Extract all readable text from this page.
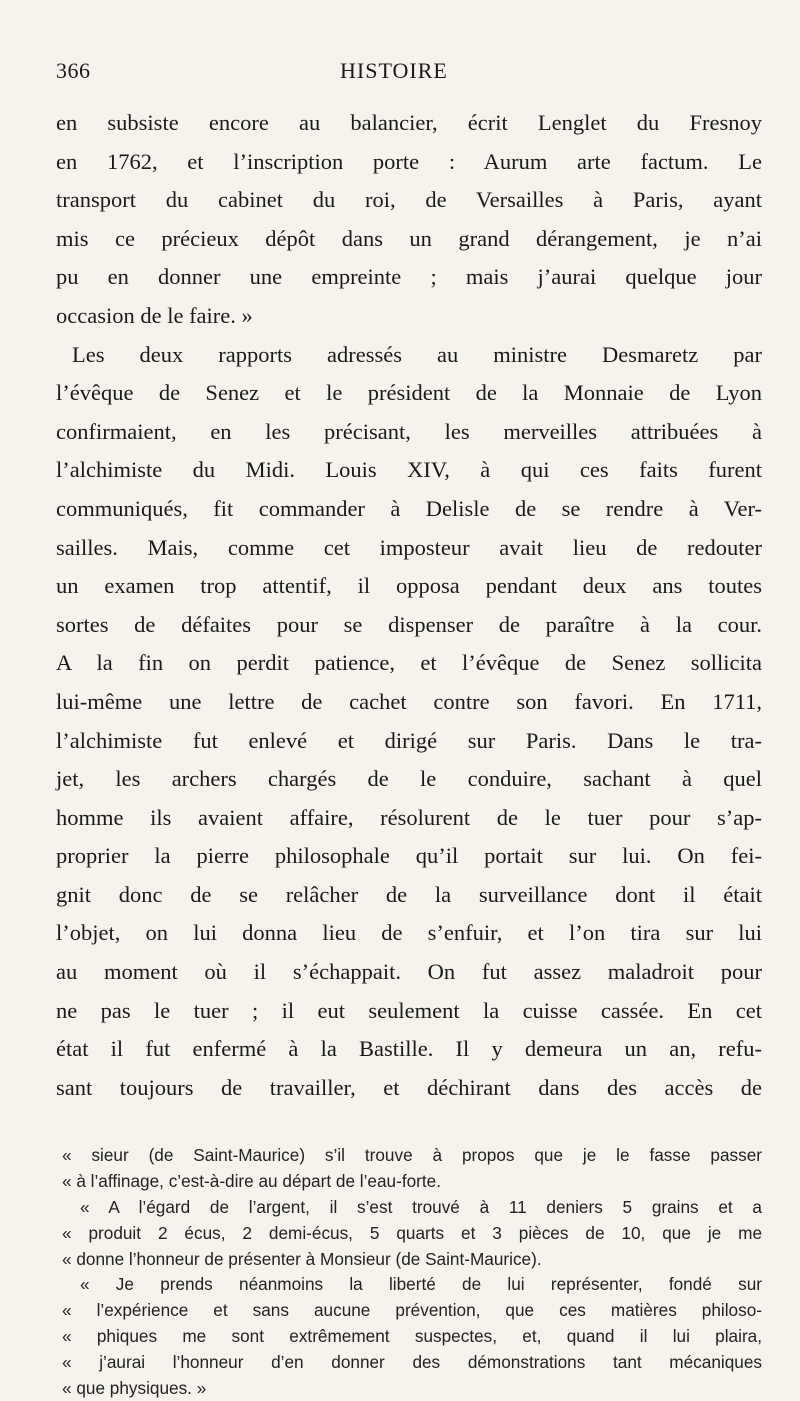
366	HISTOIRE
en subsiste encore au balancier, écrit Lenglet du Fresnoy
en 1762, et l’inscription porte : Aurum arte factum. Le
transport du cabinet du roi, de Versailles à Paris, ayant
mis ce précieux dépôt dans un grand dérangement, je n’ai
pu en donner une empreinte ; mais j’aurai quelque jour
occasion de le faire. »
Les deux rapports adressés au ministre Desmaretz par
l’évêque de Senez et le président de la Monnaie de Lyon
confirmaient, en les précisant, les merveilles attribuées à
l’alchimiste du Midi. Louis XIV, à qui ces faits furent
communiqués, fit commander à Delisle de se rendre à Ver-
sailles. Mais, comme cet imposteur avait lieu de redouter
un examen trop attentif, il opposa pendant deux ans toutes
sortes de défaites pour se dispenser de paraître à la cour.
A la fin on perdit patience, et l’évêque de Senez sollicita
lui-même une lettre de cachet contre son favori. En 1711,
l’alchimiste fut enlevé et dirigé sur Paris. Dans le tra-
jet, les archers chargés de le conduire, sachant à quel
homme ils avaient affaire, résolurent de le tuer pour s’ap-
proprier la pierre philosophale qu’il portait sur lui. On fei-
gnit donc de se relâcher de la surveillance dont il était
l’objet, on lui donna lieu de s’enfuir, et l’on tira sur lui
au moment où il s’échappait. On fut assez maladroit pour
ne pas le tuer ; il eut seulement la cuisse cassée. En cet
état il fut enfermé à la Bastille. Il y demeura un an, refu-
sant toujours de travailler, et déchirant dans des accès de
« sieur (de Saint-Maurice) s’il trouve à propos que je le fasse passer
« à l’affinage, c’est-à-dire au départ de l’eau-forte.
« A l’égard de l’argent, il s’est trouvé à 11 deniers 5 grains et a
« produit 2 écus, 2 demi-écus, 5 quarts et 3 pièces de 10, que je me
« donne l’honneur de présenter à Monsieur (de Saint-Maurice).
« Je prends néanmoins la liberté de lui représenter, fondé sur
« l’expérience et sans aucune prévention, que ces matières philoso-
« phiques me sont extrêmement suspectes, et, quand il lui plaira,
« j’aurai l’honneur d’en donner des démonstrations tant mécaniques
« que physiques. »
